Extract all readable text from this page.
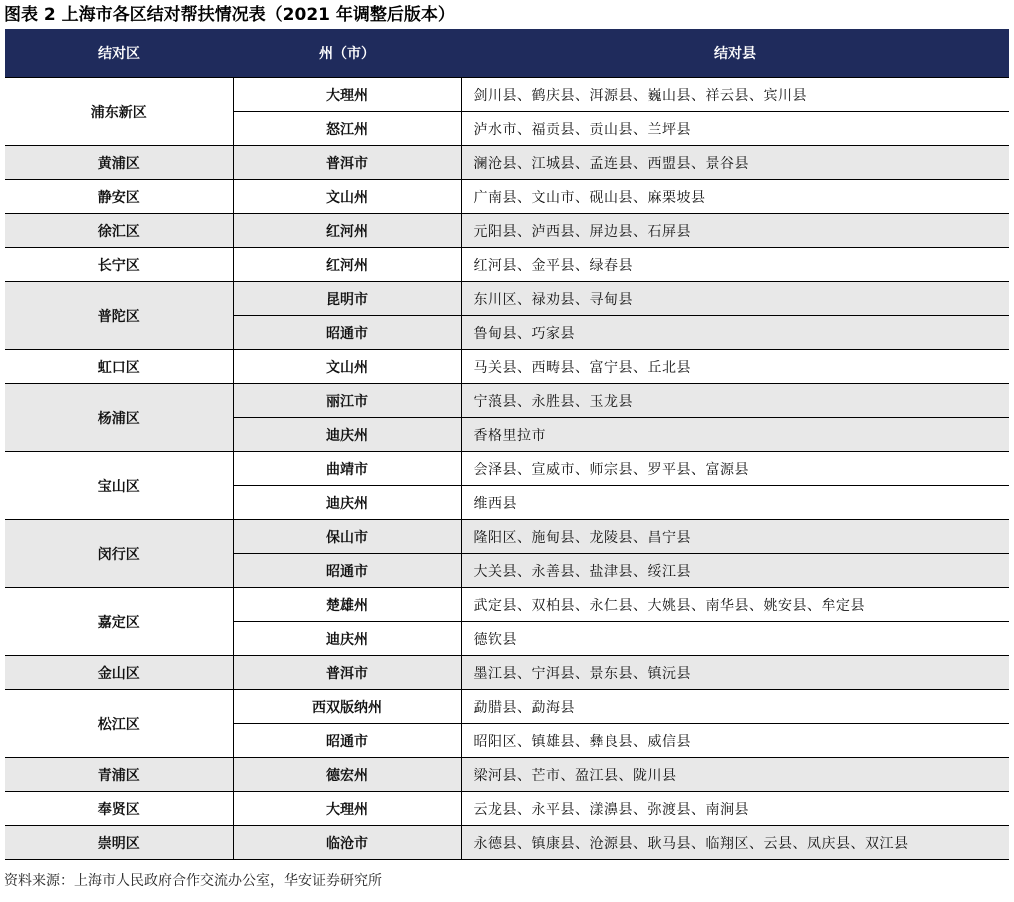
图表 2 上海市各区结对帮扶情况表（2021 年调整后版本）
结对区	州（市）	结对县
浦东新区	大理州	剑川县、鹤庆县、洱源县、巍山县、祥云县、宾川县
	怒江州	泸水市、福贡县、贡山县、兰坪县
黄浦区	普洱市	澜沧县、江城县、孟连县、西盟县、景谷县
静安区	文山州	广南县、文山市、砚山县、麻栗坡县
徐汇区	红河州	元阳县、泸西县、屏边县、石屏县
长宁区	红河州	红河县、金平县、绿春县
普陀区	昆明市	东川区、禄劝县、寻甸县
	昭通市	鲁甸县、巧家县
虹口区	文山州	马关县、西畴县、富宁县、丘北县
杨浦区	丽江市	宁蒗县、永胜县、玉龙县
	迪庆州	香格里拉市
宝山区	曲靖市	会泽县、宣威市、师宗县、罗平县、富源县
	迪庆州	维西县
闵行区	保山市	隆阳区、施甸县、龙陵县、昌宁县
	昭通市	大关县、永善县、盐津县、绥江县
嘉定区	楚雄州	武定县、双柏县、永仁县、大姚县、南华县、姚安县、牟定县
	迪庆州	德钦县
金山区	普洱市	墨江县、宁洱县、景东县、镇沅县
松江区	西双版纳州	勐腊县、勐海县
	昭通市	昭阳区、镇雄县、彝良县、威信县
青浦区	德宏州	梁河县、芒市、盈江县、陇川县
奉贤区	大理州	云龙县、永平县、漾濞县、弥渡县、南涧县
崇明区	临沧市	永德县、镇康县、沧源县、耿马县、临翔区、云县、凤庆县、双江县
资料来源：上海市人民政府合作交流办公室，华安证券研究所
